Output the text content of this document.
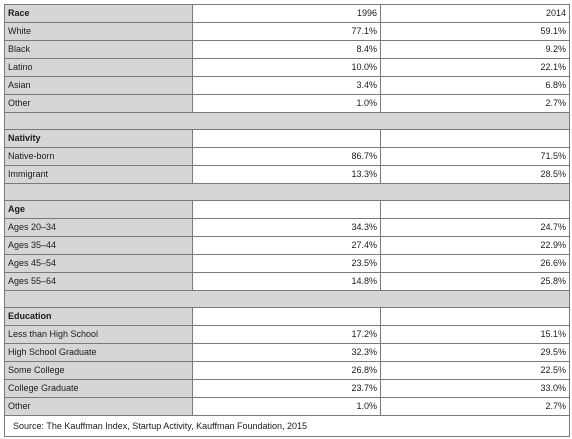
Race	1996	2014
White	77.1%	59.1%
Black	8.4%	9.2%
Latino	10.0%	22.1%
Asian	3.4%	6.8%
Other	1.0%	2.7%

Nativity		
Native-born	86.7%	71.5%
Immigrant	13.3%	28.5%

Age		
Ages 20–34	34.3%	24.7%
Ages 35–44	27.4%	22.9%
Ages 45–54	23.5%	26.6%
Ages 55–64	14.8%	25.8%

Education		
Less than High School	17.2%	15.1%
High School Graduate	32.3%	29.5%
Some College	26.8%	22.5%
College Graduate	23.7%	33.0%
Other	1.0%	2.7%
Source: The Kauffman Index, Startup Activity, Kauffman Foundation, 2015		
